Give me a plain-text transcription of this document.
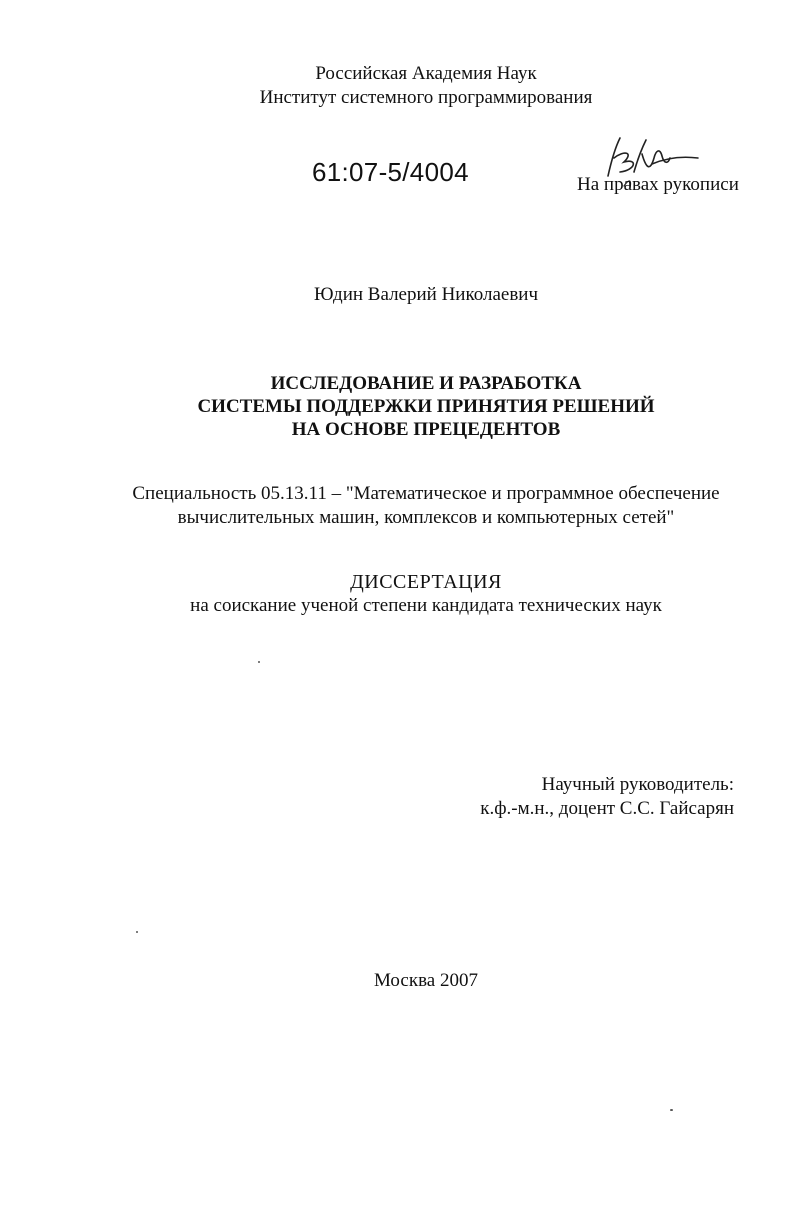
Российская Академия Наук
Институт системного программирования
61:07-5/4004	На правах рукописи
Юдин Валерий Николаевич
ИССЛЕДОВАНИЕ И РАЗРАБОТКА
СИСТЕМЫ ПОДДЕРЖКИ ПРИНЯТИЯ РЕШЕНИЙ
НА ОСНОВЕ ПРЕЦЕДЕНТОВ
Специальность 05.13.11 – "Математическое и программное обеспечение
вычислительных машин, комплексов и компьютерных сетей"
ДИССЕРТАЦИЯ
на соискание ученой степени кандидата технических наук
Научный руководитель:
к.ф.-м.н., доцент С.С. Гайсарян
Москва 2007
